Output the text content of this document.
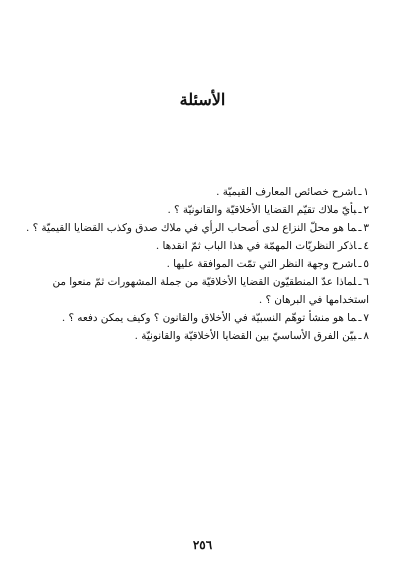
الأسئلة
١ـاشرح خصائص المعارف القيميّة .
٢ـبأيّ ملاك تقيّم القضايا الأخلاقيّة والقانونيّة ؟ .
٣ـما هو محلّ النزاع لدى أصحاب الرأي في ملاك صدق وكذب القضايا القيميّة ؟ .
٤ـاذكر النظريّات المهمّة في هذا الباب ثمّ انقدها .
٥ـاشرح وجهة النظر التي تمّت الموافقة عليها .
٦ـلماذا عدّ المنطقيّون القضايا الأخلاقيّة من جملة المشهورات ثمّ منعوا من استخدامها في البرهان ؟ .
٧ـما هو منشأ توهّم النسبيّة في الأخلاق والقانون ؟ وكيف يمكن دفعه ؟ .
٨ـبيّن الفرق الأساسيّ بين القضايا الأخلاقيّة والقانونيّة .
٢٥٦
